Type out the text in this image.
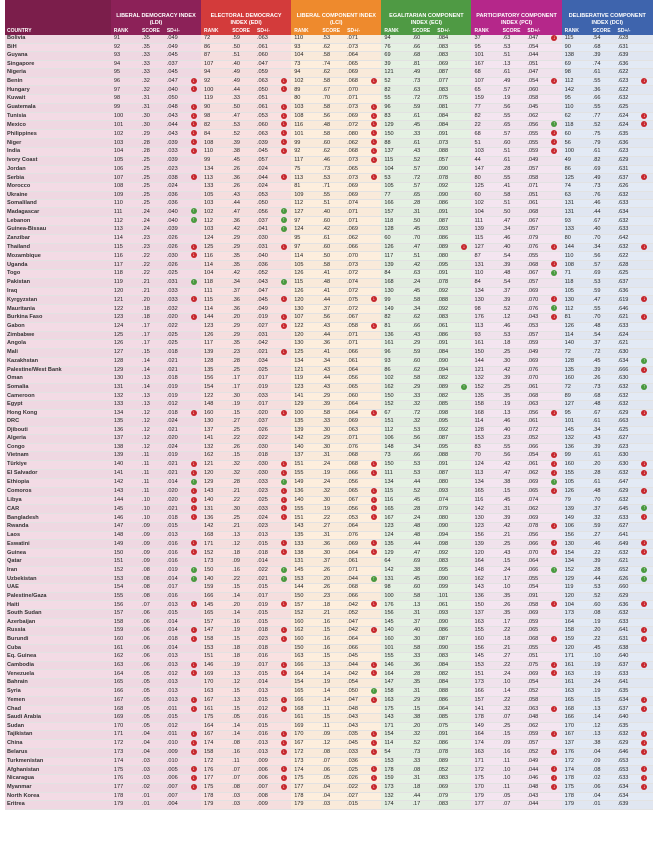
	LIBERAL DEMOCRACY INDEX (LDI)				ELECTORAL DEMOCRACY INDEX (EDI)				LIBERAL COMPONENT INDEX (LCI)				EGALITARIAN COMPONENT INDEX (ECI)				PARTICIPATORY COMPONENT INDEX (PCI)				DELIBERATIVE COMPONENT INDEX (DCI)			
COUNTRY	RANK	SCORE	SD+/-		RANK	SCORE	SD+/-		RANK	SCORE	SD+/-		RANK	SCORE	SD+/-		RANK	SCORE	SD+/-		RANK	SCORE	SD+/-	
Bolivia	91	.35	.049		72	.59	.063		110	.53	.071		94	.60	.084		37	.63	.047	↓	115	.54	.628	
BiH	92	.35	.049		86	.50	.061		93	.62	.073		76	.66	.083		95	.53	.054		90	.68	.631	
Guyana	93	.33	.045		87	.51	.060		104	.58	.064		69	.68	.083		101	.51	.044		138	.39	.639	
Singapore	94	.33	.037		107	.40	.047		73	.74	.065		39	.81	.069		167	.13	.051		69	.74	.636	
Nigeria	95	.33	.045		94	.49	.059		94	.62	.069		121	.49	.087		68	.61	.047		98	.61	.622	
Benin	96	.32	.047	↓	92	.49	.063	↓	102	.58	.068	↓	52	.73	.077		107	.49	.054	↓	112	.55	.623	↓
Hungary	97	.32	.040	↓	100	.44	.050	↓	89	.67	.070		82	.63	.083		65	.57	.060		142	.36	.622	
Kuwait	98	.31	.050		119	.33	.051		80	.70	.071		55	.72	.075		159	.19	.058		95	.66	.632	
Guatemala	99	.31	.048	↓	90	.50	.061	↓	103	.58	.073	↓	96	.59	.081		77	.56	.045		110	.55	.625	
Tunisia	100	.30	.043	↓	98	.47	.053	↓	108	.56	.069	↓	83	.61	.084		82	.55	.062		62	.77	.624	↓
Mexico	101	.30	.044	↓	82	.53	.060	↓	116	.48	.072	↓	129	.45	.084		22	.65	.056	↑	118	.52	.624	↓
Philippines	102	.29	.043	↓	84	.52	.063	↓	101	.58	.080	↓	150	.33	.091		68	.57	.055	↓	60	.75	.635	
Niger	103	.28	.039	↓	108	.39	.039	↓	99	.60	.062	↓	88	.61	.073		51	.60	.055	↓	56	.79	.636	
India	104	.28	.033	↓	110	.38	.045	↓	92	.62	.068	↓	137	.43	.088		103	.51	.059	↓	100	.61	.623	
Ivory Coast	105	.25	.039		99	.45	.057		117	.46	.073	↓	115	.52	.057		44	.61	.049		49	.82	.629	
Jordan	106	.25	.023		134	.26	.024		75	.73	.065		104	.57	.090		147	.28	.057		86	.69	.631	
Serbia	107	.25	.038	↓	113	.36	.044	↓	113	.53	.073	↓	53	.72	.078		80	.55	.058		125	.49	.637	↓
Morocco	108	.25	.024		133	.26	.024		81	.71	.069		105	.57	.092		125	.41	.071		74	.73	.626	
Ukraine	109	.25	.036		105	.43	.053		109	.55	.069		77	.65	.090		60	.58	.051		63	.76	.632	
Somaliland	110	.25	.036		103	.44	.050		112	.51	.074		166	.28	.086		102	.51	.061		131	.46	.633	
Madagascar	111	.24	.040	↑	102	.47	.056	↑	127	.40	.071		157	.31	.091		104	.50	.068		131	.44	.634	
Lebanon	112	.24	.040	↑	112	.36	.037	↑	97	.60	.071		118	.50	.087		111	.47	.067		93	.67	.632	
Guinea-Bissau	113	.24	.039		103	.42	.041	↑	124	.42	.069		128	.45	.093		139	.34	.057		133	.40	.633	
Zanzibar	114	.23	.026		124	.29	.030		95	.61	.062		60	.70	.086		115	.46	.079		80	.70	.642	
Thailand	115	.23	.026	↓	125	.29	.031	↓	97	.60	.066		126	.47	.089	↓	127	.40	.076	↓	144	.34	.632	↓
Mozambique	116	.22	.030	↓	116	.35	.040		114	.50	.070		117	.51	.080		87	.54	.055		110	.56	.622	
Uganda	117	.22	.026		114	.35	.036		105	.58	.073		139	.42	.095		131	.39	.068	↓	108	.57	.628	
Togo	118	.22	.025		104	.42	.052		126	.41	.072		84	.63	.091		110	.48	.067	↑	71	.69	.625	
Pakistan	119	.21	.031	↑	118	.34	.043	↑	115	.48	.074		168	.24	.078		84	.54	.057		118	.53	.637	
Iraq	120	.21	.033		111	.37	.047		126	.41	.072		130	.45	.092		134	.37	.069		105	.59	.636	
Kyrgyzstan	121	.20	.033	↓	115	.36	.045	↓	120	.44	.075	↓	99	.58	.088		130	.39	.070	↓	130	.47	.619	↓
Mauritania	122	.18	.032		114	.36	.049		130	.37	.072		149	.34	.092		98	.52	.076	↑	112	.55	.646	
Burkina Faso	123	.18	.020	↓	144	.20	.019	↓	107	.56	.067		82	.62	.083		176	.12	.043	↓	81	.70	.621	↓
Gabon	124	.17	.022		123	.29	.027	↓	122	.43	.058	↓	81	.66	.061		113	.46	.053		126	.48	.633	
Zimbabwe	125	.17	.025		126	.29	.031		120	.44	.071		136	.43	.086		93	.53	.057		114	.54	.624	
Angola	126	.17	.025		117	.35	.042		130	.36	.071		161	.29	.091		161	.18	.059		140	.37	.621	
Mali	127	.15	.018		139	.23	.021	↓	125	.41	.066		96	.59	.084		150	.25	.049		72	.72	.630	
Kazakhstan	128	.14	.021		128	.28	.034		134	.34	.061		93	.60	.090		144	.30	.069		128	.45	.634	↑
Palestine/West Bank	129	.14	.021		135	.25	.025		121	.43	.064		86	.62	.094		121	.42	.076		135	.39	.666	↓
Oman	130	.13	.018		156	.17	.017		119	.44	.056		102	.58	.082		132	.39	.070		160	.26	.630	
Somalia	131	.14	.019		154	.17	.019		123	.43	.065		162	.29	.089	↑	152	.25	.061		72	.73	.632	↑
Cameroon	132	.13	.019		122	.30	.033		141	.29	.060		150	.33	.082		135	.35	.068		89	.68	.632	
Egypt	133	.13	.012		148	.19	.017		129	.39	.064		152	.32	.085		158	.19	.063		127	.48	.632	
Hong Kong	134	.12	.018	↓	160	.15	.020	↓	100	.58	.064	↓	67	.72	.098		168	.13	.056	↓	95	.67	.629	↓
DRC	135	.12	.024		130	.27	.037		135	.33	.069		151	.32	.095		114	.46	.061		101	.61	.663	
Djibouti	136	.12	.021		137	.25	.026		139	.30	.063		112	.53	.092		128	.40	.072		145	.34	.625	
Algeria	137	.12	.020		141	.22	.022		142	.29	.071		106	.56	.087		153	.23	.052		132	.43	.627	
Congo	138	.12	.024		132	.26	.030		140	.30	.076		148	.34	.095		83	.55	.066		136	.39	.623	
Vietnam	139	.11	.019		162	.15	.018		137	.31	.068		73	.66	.088		70	.56	.054	↓	99	.61	.630	
Türkiye	140	.11	.021	↓	121	.32	.030	↓	151	.24	.068	↓	150	.53	.091		124	.42	.061	↓	160	.20	.630	↓
El Salvador	141	.11	.021	↓	120	.32	.030	↓	155	.19	.066	↓	111	.53	.087		113	.47	.062	↓	155	.28	.632	↓
Ethiopia	142	.11	.014	↑	129	.28	.033	↑	149	.24	.056		134	.44	.080		134	.38	.069	↑	105	.61	.647	
Comoros	143	.11	.020	↓	143	.21	.023	↓	136	.32	.065	↓	115	.52	.093		165	.15	.065	↓	126	.48	.629	↓
Libya	144	.10	.020	↓	140	.22	.025	↓	140	.30	.067	↓	116	.45	.074		116	.45	.074		79	.70	.632	
CAR	145	.10	.021	↓	131	.30	.033	↓	155	.19	.056	↓	165	.28	.079		142	.31	.062		139	.37	.645	↑
Bangladesh	146	.10	.018	↓	136	.25	.024	↓	151	.22	.053	↓	167	.24	.080		130	.39	.069		149	.32	.633	↓
Rwanda	147	.09	.015		142	.21	.023		143	.27	.064		123	.48	.090		123	.42	.078	↓	106	.59	.627	
Laos	148	.09	.013		168	.13	.013		135	.31	.076		124	.48	.094		156	.21	.056		156	.27	.641	
Eswatini	149	.09	.016	↓	171	.12	.015	↓	133	.36	.069	↓	135	.44	.098		139	.25	.066	↓	130	.46	.649	↓
Guinea	150	.09	.016	↓	152	.18	.018	↓	138	.30	.064	↓	129	.47	.092		120	.43	.070	↓	154	.22	.632	↓
Qatar	151	.09	.016		173	.09	.014		131	.37	.061		64	.69	.083		164	.15	.064		134	.39	.621	
Iran	152	.08	.019	↑	150	.16	.022	↑	145	.26	.071		142	.38	.095		148	.24	.066	↑	152	.28	.652	↑
Uzbekistan	153	.08	.014	↑	140	.22	.021	↑	153	.20	.044	↑	131	.45	.090		162	.17	.055		129	.44	.626	↑
UAE	154	.08	.017		159	.15	.015		144	.26	.068		98	.60	.099		143	.10	.054		119	.53	.660	
Palestine/Gaza	155	.08	.016		166	.14	.017		150	.23	.066		100	.58	.101		136	.35	.091		120	.52	.629	
Haiti	156	.07	.013	↓	145	.20	.019	↓	157	.18	.042	↓	176	.13	.061		150	.26	.058	↓	104	.60	.636	↓
South Sudan	157	.06	.015		165	.14	.015		152	.21	.052		156	.31	.093		137	.35	.069		173	.08	.632	
Azerbaijan	158	.06	.014		157	.16	.015		160	.16	.047		145	.37	.090		163	.17	.059		164	.19	.633	
Russia	159	.06	.014	↓	147	.19	.018	↓	162	.15	.042	↓	140	.40	.086		155	.22	.065		158	.20	.641	↓
Burundi	160	.06	.018	↓	158	.15	.023	↓	160	.16	.064		160	.30	.087		160	.18	.068	↓	159	.22	.631	↓
Cuba	161	.06	.014		153	.18	.018		150	.16	.066		101	.58	.090		156	.21	.055		120	.45	.638	
Eq. Guinea	162	.06	.013		151	.18	.016		163	.15	.045		155	.33	.083		145	.27	.051		171	.10	.640	
Cambodia	163	.06	.013	↓	146	.19	.017	↓	166	.13	.044	↓	146	.36	.084		153	.22	.075	↓	161	.19	.637	↓
Venezuela	164	.05	.012	↓	169	.13	.015	↓	164	.14	.042	↓	164	.28	.082		151	.24	.069	↓	163	.19	.633	
Bahrain	165	.05	.013		170	.12	.014		154	.19	.054		147	.35	.084		173	.10	.054		161	.24	.641	
Syria	166	.05	.013		163	.15	.013		165	.14	.050	↑	158	.31	.088		166	.14	.052		163	.19	.635	
Yemen	167	.05	.013	↓	167	.13	.015	↓	166	.14	.047	↓	163	.29	.086		157	.22	.058		165	.15	.634	↓
Chad	168	.05	.011	↓	161	.15	.012	↓	168	.11	.048		175	.15	.064		141	.32	.063	↓	168	.13	.637	↓
Saudi Arabia	169	.05	.015		175	.05	.016		161	.15	.043		143	.38	.085		178	.07	.048		166	.14	.640	
Sudan	170	.05	.012		164	.14	.015		169	.11	.043		171	.20	.075		149	.25	.062		170	.12	.635	
Tajikistan	171	.04	.011	↓	167	.14	.016	↓	170	.09	.035	↓	154	.32	.091		164	.15	.059	↓	167	.13	.632	↓
China	172	.04	.010	↓	174	.08	.013	↓	167	.12	.045	↓	114	.52	.086		174	.09	.057		137	.38	.629	↓
Belarus	173	.04	.009	↓	158	.16	.013	↓	172	.08	.033	↓	54	.73	.078		163	.16	.052	↓	176	.04	.646	↓
Turkmenistan	174	.03	.010		172	.11	.009		173	.07	.036		153	.33	.089		171	.11	.049		172	.09	.653	
Afghanistan	175	.03	.005	↓	176	.07	.006	↓	174	.06	.025	↓	178	.08	.052		172	.10	.044	↓	174	.08	.653	↓
Nicaragua	176	.03	.006	↓	177	.07	.006	↓	175	.05	.026	↓	159	.31	.083		175	.10	.046	↓	178	.02	.633	↓
Myanmar	177	.02	.007	↓	175	.08	.007	↓	177	.04	.022	↓	173	.18	.069		170	.11	.048	↓	175	.06	.634	↓
North Korea	178	.01	.007		178	.03	.008		178	.04	.027		132	.44	.079		179	.05	.043		178	.04	.634	
Eritrea	179	.01	.004		179	.03	.009		179	.03	.015		174	.17	.083		177	.07	.044		179	.01	.639	
